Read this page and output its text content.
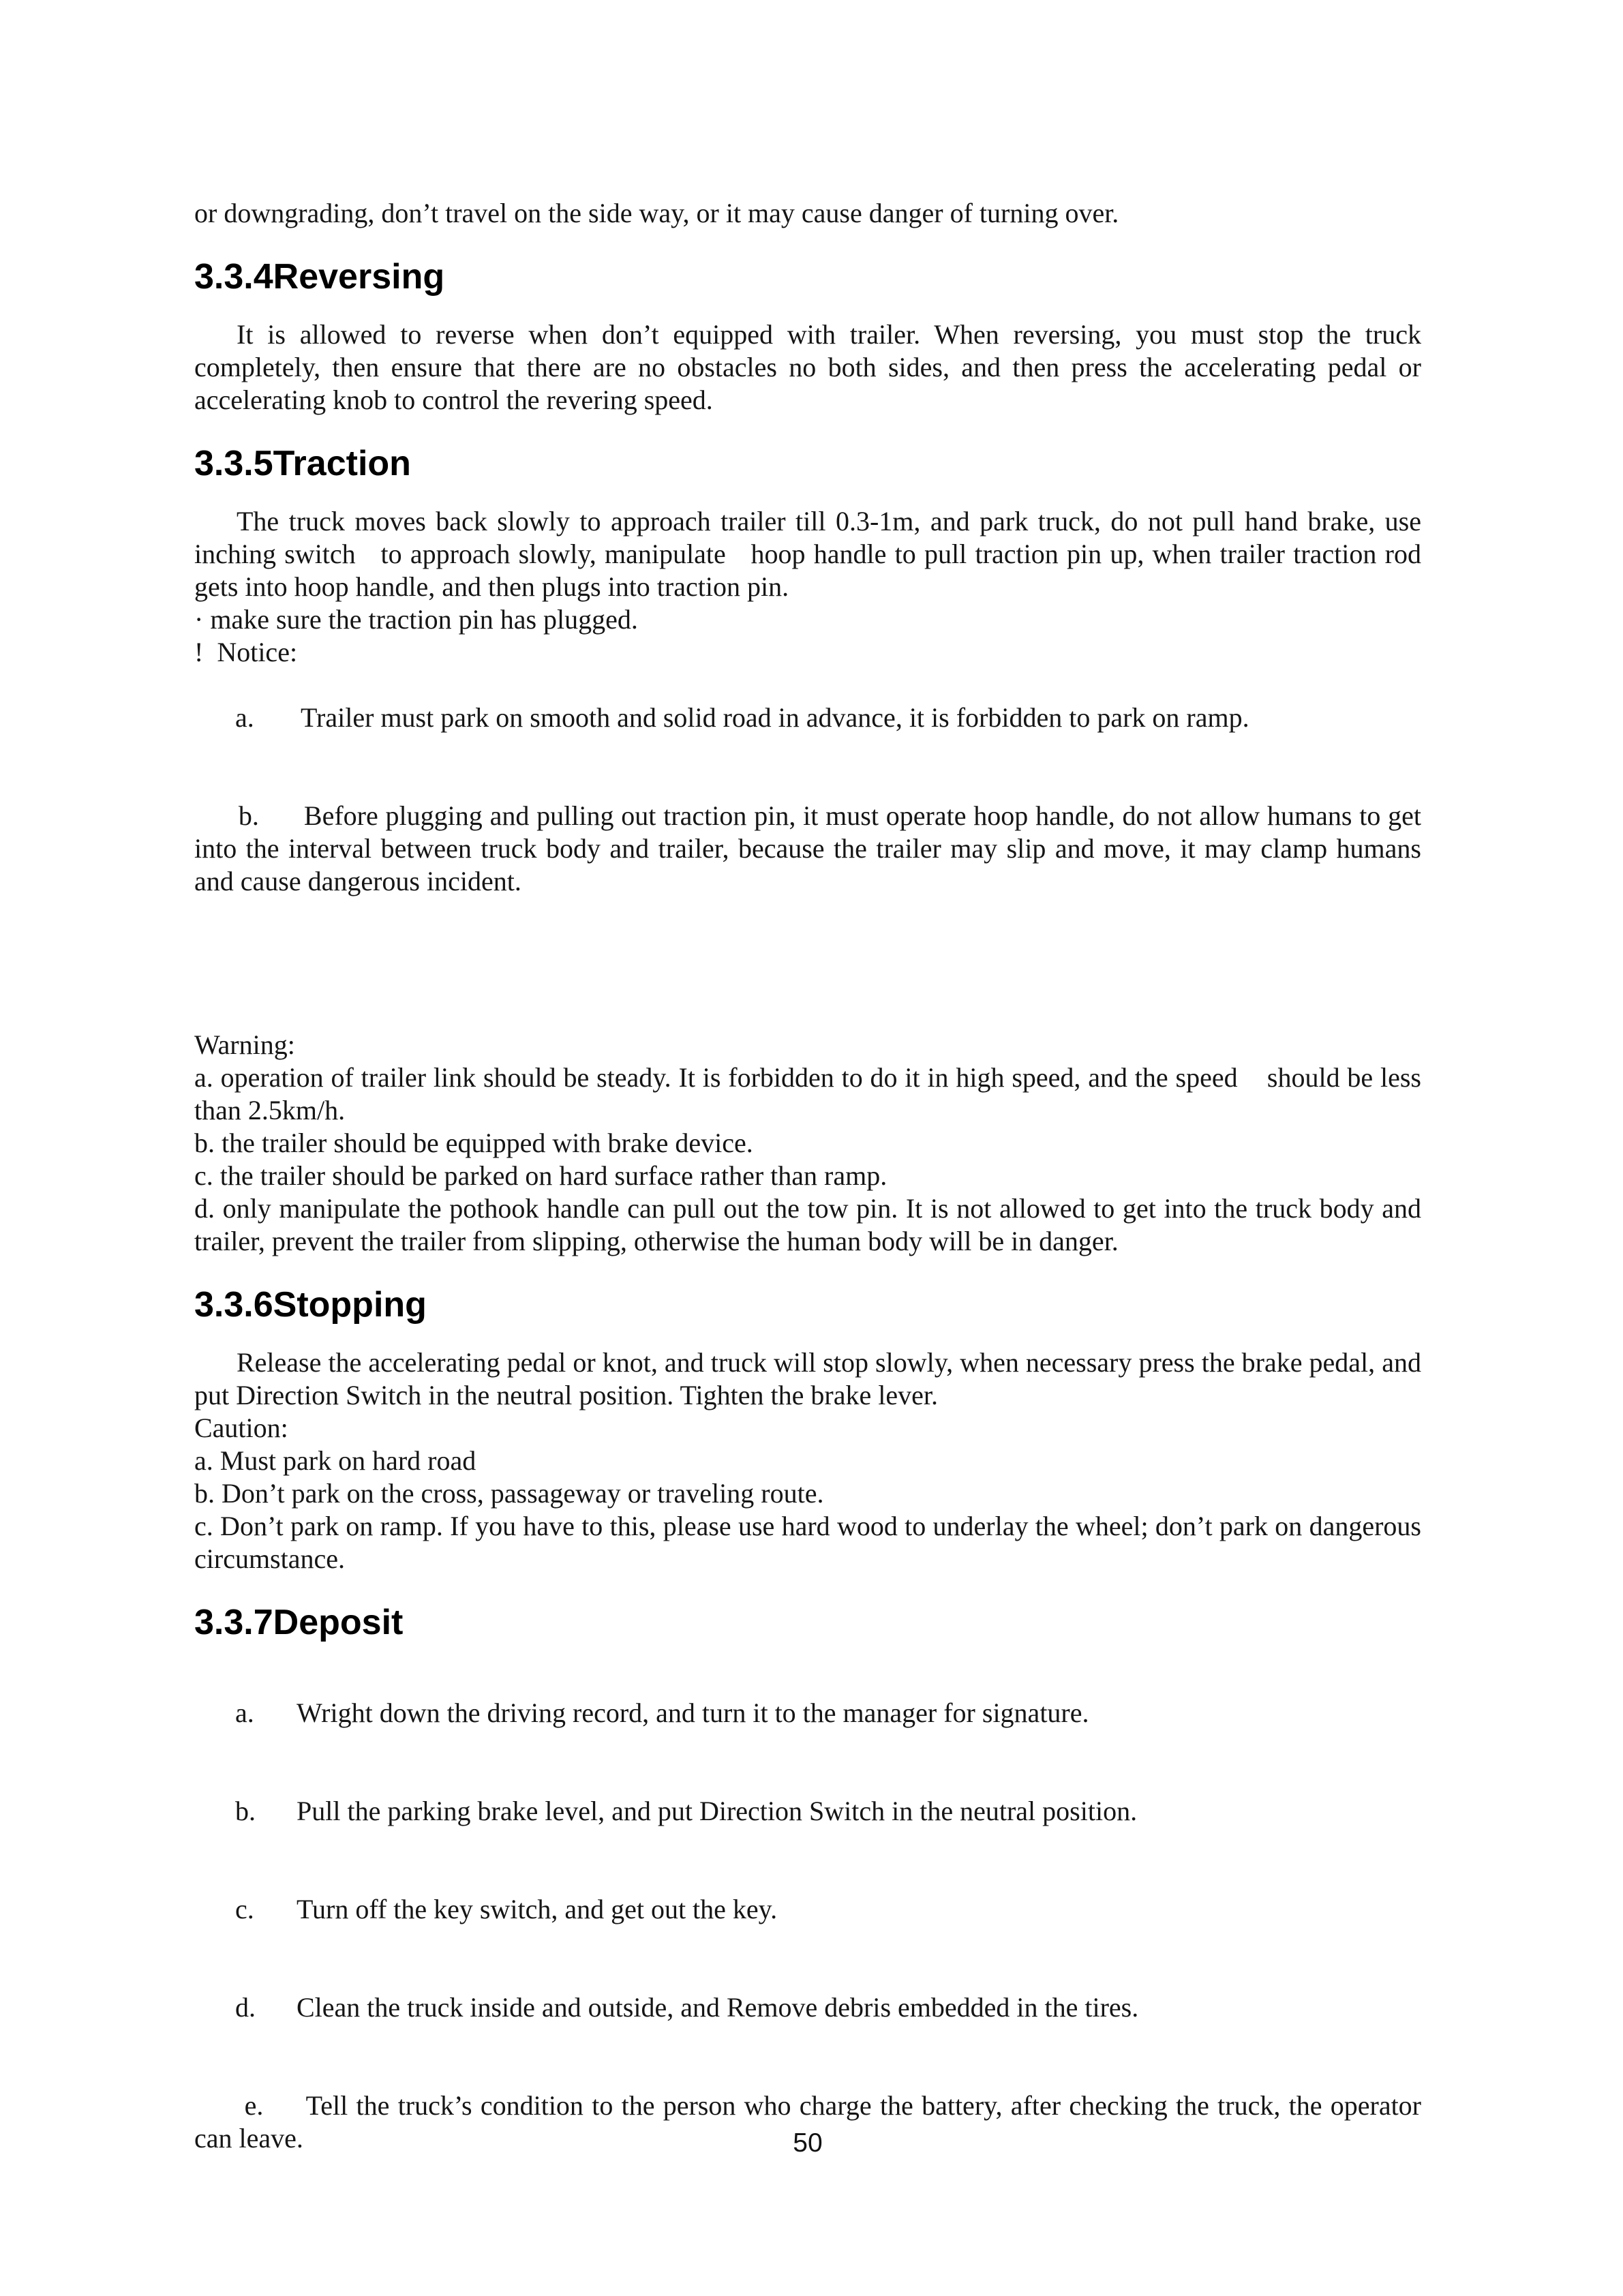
or downgrading, don’t travel on the side way, or it may cause danger of turning over.
3.3.4Reversing
It is allowed to reverse when don’t equipped with trailer. When reversing, you must stop the truck completely, then ensure that there are no obstacles no both sides, and then press the accelerating pedal or accelerating knob to control the revering speed.
3.3.5Traction
The truck moves back slowly to approach trailer till 0.3-1m, and park truck, do not pull hand brake, use inching switch   to approach slowly, manipulate   hoop handle to pull traction pin up, when trailer traction rod gets into hoop handle, and then plugs into traction pin.
· make sure the traction pin has plugged.
!  Notice:

a. Trailer must park on smooth and solid road in advance, it is forbidden to park on ramp.

b. Before plugging and pulling out traction pin, it must operate hoop handle, do not allow humans to get into the interval between truck body and trailer, because the trailer may slip and move, it may clamp humans and cause dangerous incident.

Warning:
a. operation of trailer link should be steady. It is forbidden to do it in high speed, and the speed    should be less than 2.5km/h.
b. the trailer should be equipped with brake device.
c. the trailer should be parked on hard surface rather than ramp.
d. only manipulate the pothook handle can pull out the tow pin. It is not allowed to get into the truck body and trailer, prevent the trailer from slipping, otherwise the human body will be in danger.
3.3.6Stopping
Release the accelerating pedal or knot, and truck will stop slowly, when necessary press the brake pedal, and put Direction Switch in the neutral position. Tighten the brake lever.
Caution:
a. Must park on hard road
b. Don’t park on the cross, passageway or traveling route.
c. Don’t park on ramp. If you have to this, please use hard wood to underlay the wheel; don’t park on dangerous circumstance.
3.3.7Deposit

a. Wright down the driving record, and turn it to the manager for signature.

b. Pull the parking brake level, and put Direction Switch in the neutral position.

c. Turn off the key switch, and get out the key.

d. Clean the truck inside and outside, and Remove debris embedded in the tires.

e. Tell the truck’s condition to the person who charge the battery, after checking the truck, the operator can leave.
	50
